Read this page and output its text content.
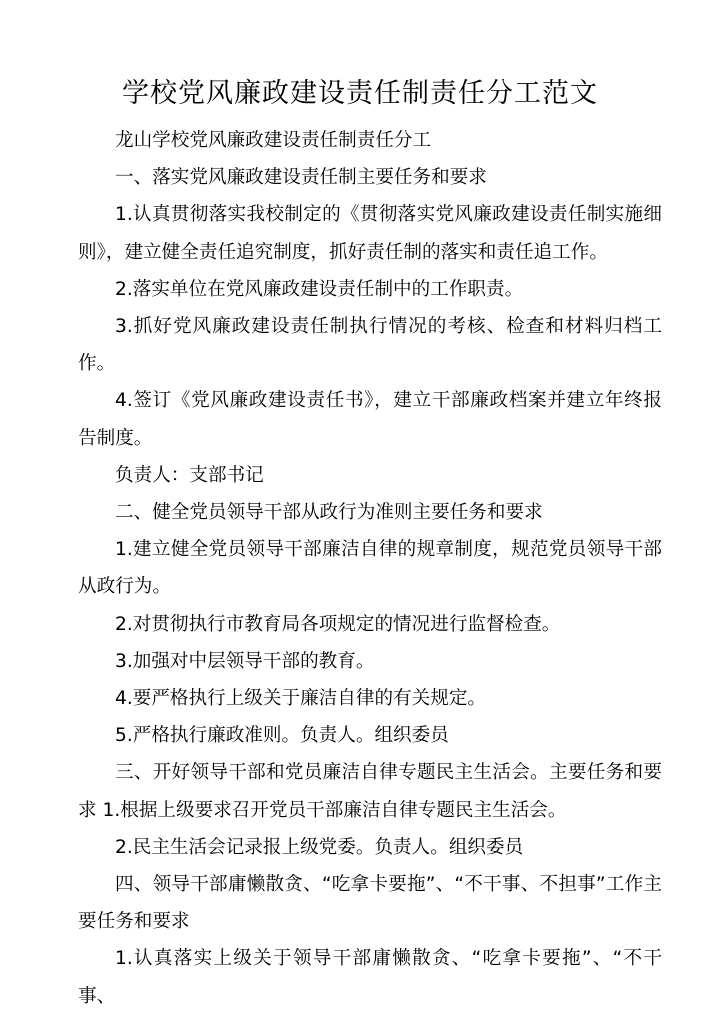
学校党风廉政建设责任制责任分工范文

龙山学校党风廉政建设责任制责任分工

一、落实党风廉政建设责任制主要任务和要求

1.认真贯彻落实我校制定的《贯彻落实党风廉政建设责任制实施细则》，建立健全责任追究制度，抓好责任制的落实和责任追工作。

2.落实单位在党风廉政建设责任制中的工作职责。

3.抓好党风廉政建设责任制执行情况的考核、检查和材料归档工作。

4.签订《党风廉政建设责任书》，建立干部廉政档案并建立年终报告制度。

负责人：支部书记

二、健全党员领导干部从政行为准则主要任务和要求

1.建立健全党员领导干部廉洁自律的规章制度，规范党员领导干部从政行为。

2.对贯彻执行市教育局各项规定的情况进行监督检查。

3.加强对中层领导干部的教育。

4.要严格执行上级关于廉洁自律的有关规定。

5.严格执行廉政准则。负责人。组织委员

三、开好领导干部和党员廉洁自律专题民主生活会。主要任务和要求 1.根据上级要求召开党员干部廉洁自律专题民主生活会。

2.民主生活会记录报上级党委。负责人。组织委员

四、领导干部庸懒散贪、“吃拿卡要拖”、“不干事、不担事”工作主要任务和要求

1.认真落实上级关于领导干部庸懒散贪、“吃拿卡要拖”、“不干事、
